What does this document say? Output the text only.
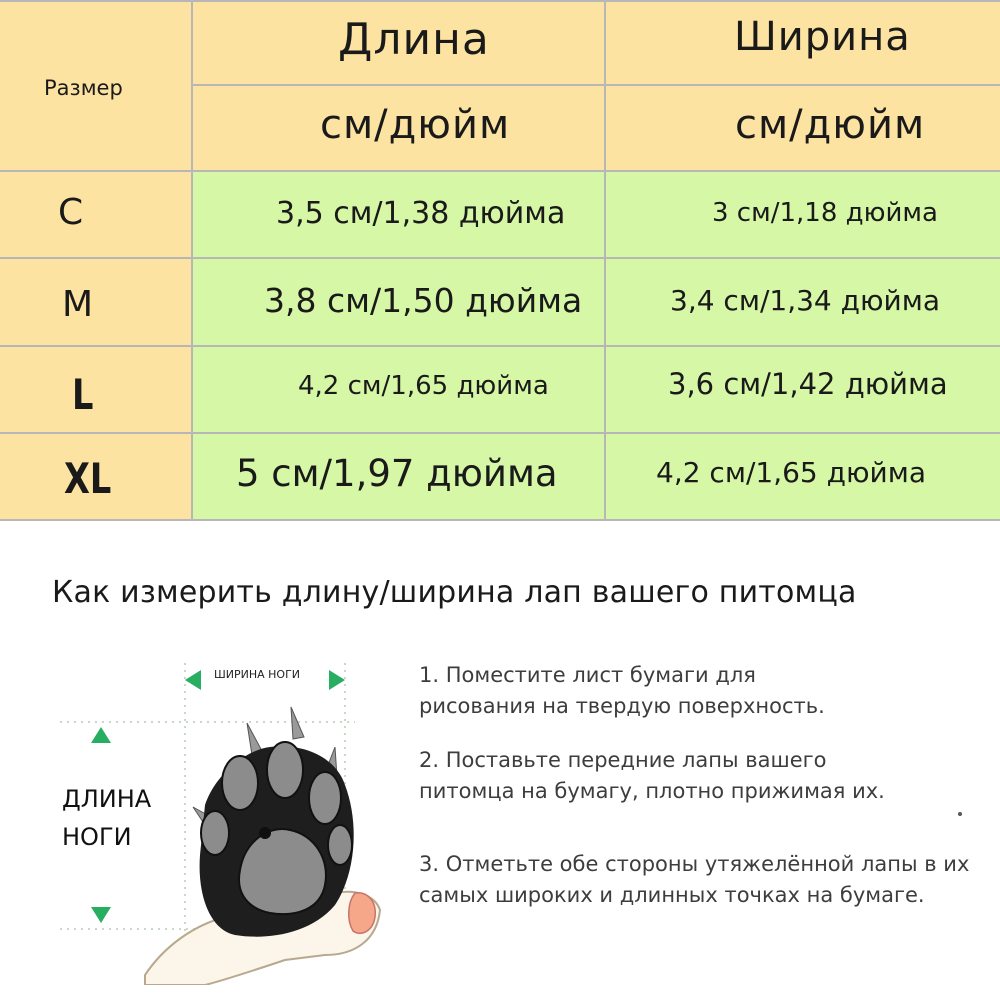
Размер
Длина	Ширина
см/дюйм	см/дюйм
C	3,5 см/1,38 дюйма	3 см/1,18 дюйма
M	3,8 см/1,50 дюйма	3,4 см/1,34 дюйма
L	4,2 см/1,65 дюйма	3,6 см/1,42 дюйма
XL	5 см/1,97 дюйма	4,2 см/1,65 дюйма
Как измерить длину/ширина лап вашего питомца
ШИРИНА НОГИ
ДЛИНА
НОГИ
1. Поместите лист бумаги для рисования на твердую поверхность.
2. Поставьте передние лапы вашего питомца на бумагу, плотно прижимая их.
3. Отметьте обе стороны утяжелённой лапы в их самых широких и длинных точках на бумаге.
